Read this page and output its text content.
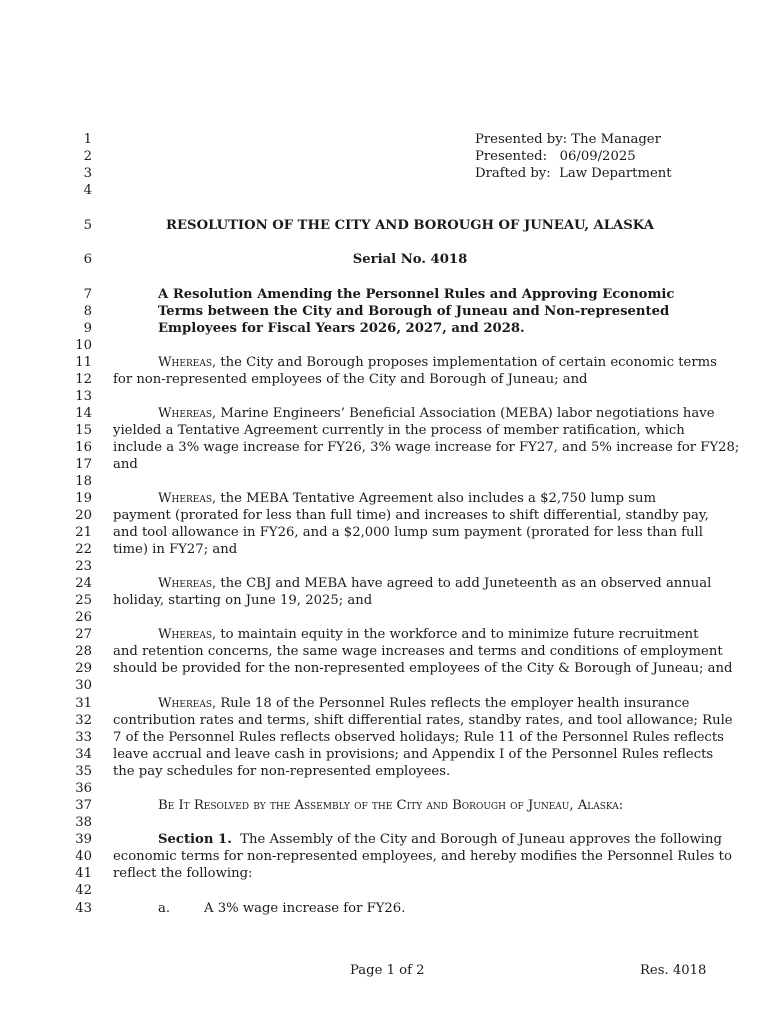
1
2
3
4
5
6
7
8
9
10
11
12
13
14
15
16
17
18
19
20
21
22
23
24
25
26
27
28
29
30
31
32
33
34
35
36
37
38
39
40
41
42
43
Presented by: The Manager
Presented:   06/09/2025
Drafted by:  Law Department
RESOLUTION OF THE CITY AND BOROUGH OF JUNEAU, ALASKA
Serial No. 4018
A Resolution Amending the Personnel Rules and Approving Economic
Terms between the City and Borough of Juneau and Non-represented
Employees for Fiscal Years 2026, 2027, and 2028.
Whereas, the City and Borough proposes implementation of certain economic terms
for non-represented employees of the City and Borough of Juneau; and
Whereas, Marine Engineers’ Beneficial Association (MEBA) labor negotiations have
yielded a Tentative Agreement currently in the process of member ratification, which
include a 3% wage increase for FY26, 3% wage increase for FY27, and 5% increase for FY28;
and
Whereas, the MEBA Tentative Agreement also includes a $2,750 lump sum
payment (prorated for less than full time) and increases to shift differential, standby pay,
and tool allowance in FY26, and a $2,000 lump sum payment (prorated for less than full
time) in FY27; and
Whereas, the CBJ and MEBA have agreed to add Juneteenth as an observed annual
holiday, starting on June 19, 2025; and
Whereas, to maintain equity in the workforce and to minimize future recruitment
and retention concerns, the same wage increases and terms and conditions of employment
should be provided for the non-represented employees of the City & Borough of Juneau; and
Whereas, Rule 18 of the Personnel Rules reflects the employer health insurance
contribution rates and terms, shift differential rates, standby rates, and tool allowance; Rule
7 of the Personnel Rules reflects observed holidays; Rule 11 of the Personnel Rules reflects
leave accrual and leave cash in provisions; and Appendix I of the Personnel Rules reflects
the pay schedules for non-represented employees.
Be It Resolved by the Assembly of the City and Borough of Juneau, Alaska:
Section 1.  The Assembly of the City and Borough of Juneau approves the following
economic terms for non-represented employees, and hereby modifies the Personnel Rules to
reflect the following:
a.	A 3% wage increase for FY26.
Page 1 of 2	Res. 4018
